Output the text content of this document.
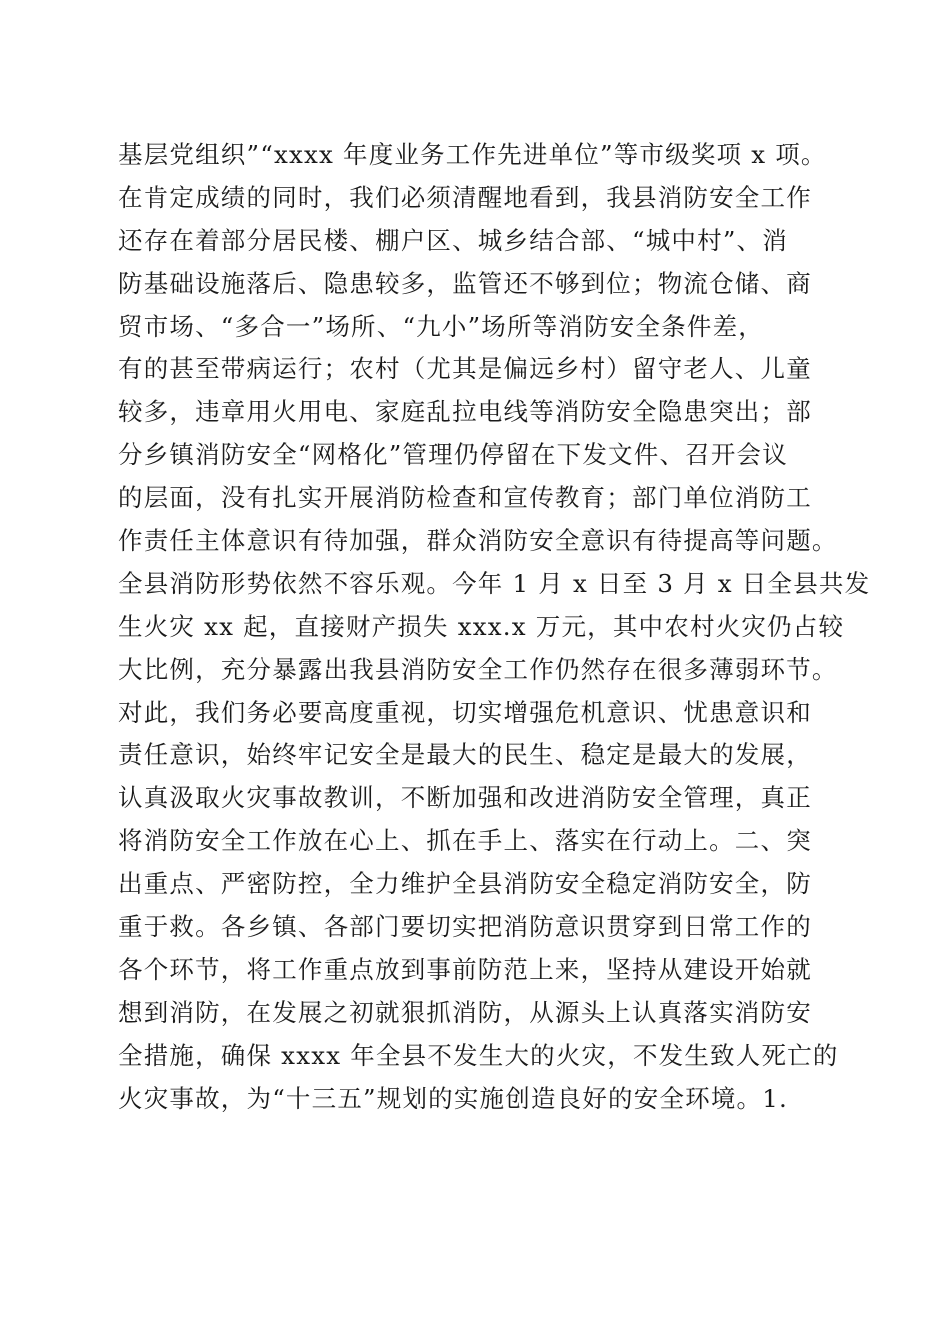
基层党组织”“xxxx 年度业务工作先进单位”等市级奖项 x 项。
在肯定成绩的同时，我们必须清醒地看到，我县消防安全工作
还存在着部分居民楼、棚户区、城乡结合部、“城中村”、消
防基础设施落后、隐患较多，监管还不够到位；物流仓储、商
贸市场、“多合一”场所、“九小”场所等消防安全条件差，
有的甚至带病运行；农村（尤其是偏远乡村）留守老人、儿童
较多，违章用火用电、家庭乱拉电线等消防安全隐患突出；部
分乡镇消防安全“网格化”管理仍停留在下发文件、召开会议
的层面，没有扎实开展消防检查和宣传教育；部门单位消防工
作责任主体意识有待加强，群众消防安全意识有待提高等问题。
全县消防形势依然不容乐观。今年 1 月 x 日至 3 月 x 日全县共发
生火灾 xx 起，直接财产损失 xxx.x 万元，其中农村火灾仍占较
大比例，充分暴露出我县消防安全工作仍然存在很多薄弱环节。
对此，我们务必要高度重视，切实增强危机意识、忧患意识和
责任意识，始终牢记安全是最大的民生、稳定是最大的发展，
认真汲取火灾事故教训，不断加强和改进消防安全管理，真正
将消防安全工作放在心上、抓在手上、落实在行动上。二、突
出重点、严密防控，全力维护全县消防安全稳定消防安全，防
重于救。各乡镇、各部门要切实把消防意识贯穿到日常工作的
各个环节，将工作重点放到事前防范上来，坚持从建设开始就
想到消防，在发展之初就狠抓消防，从源头上认真落实消防安
全措施，确保 xxxx 年全县不发生大的火灾，不发生致人死亡的
火灾事故，为“十三五”规划的实施创造良好的安全环境。1.
